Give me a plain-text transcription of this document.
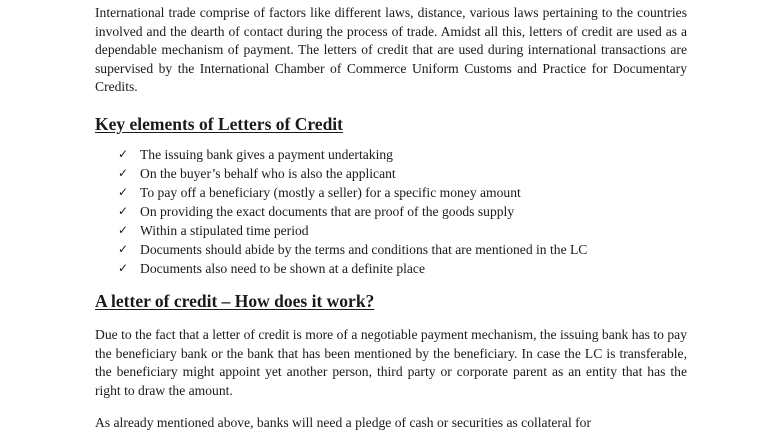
International trade comprise of factors like different laws, distance, various laws pertaining to the countries involved and the dearth of contact during the process of trade. Amidst all this, letters of credit are used as a dependable mechanism of payment. The letters of credit that are used during international transactions are supervised by the International Chamber of Commerce Uniform Customs and Practice for Documentary Credits.

Key elements of Letters of Credit
✓ The issuing bank gives a payment undertaking
✓ On the buyer’s behalf who is also the applicant
✓ To pay off a beneficiary (mostly a seller) for a specific money amount
✓ On providing the exact documents that are proof of the goods supply
✓ Within a stipulated time period
✓ Documents should abide by the terms and conditions that are mentioned in the LC
✓ Documents also need to be shown at a definite place
A letter of credit – How does it work?

Due to the fact that a letter of credit is more of a negotiable payment mechanism, the issuing bank has to pay the beneficiary bank or the bank that has been mentioned by the beneficiary. In case the LC is transferable, the beneficiary might appoint yet another person, third party or corporate parent as an entity that has the right to draw the amount.

As already mentioned above, banks will need a pledge of cash or securities as collateral for
